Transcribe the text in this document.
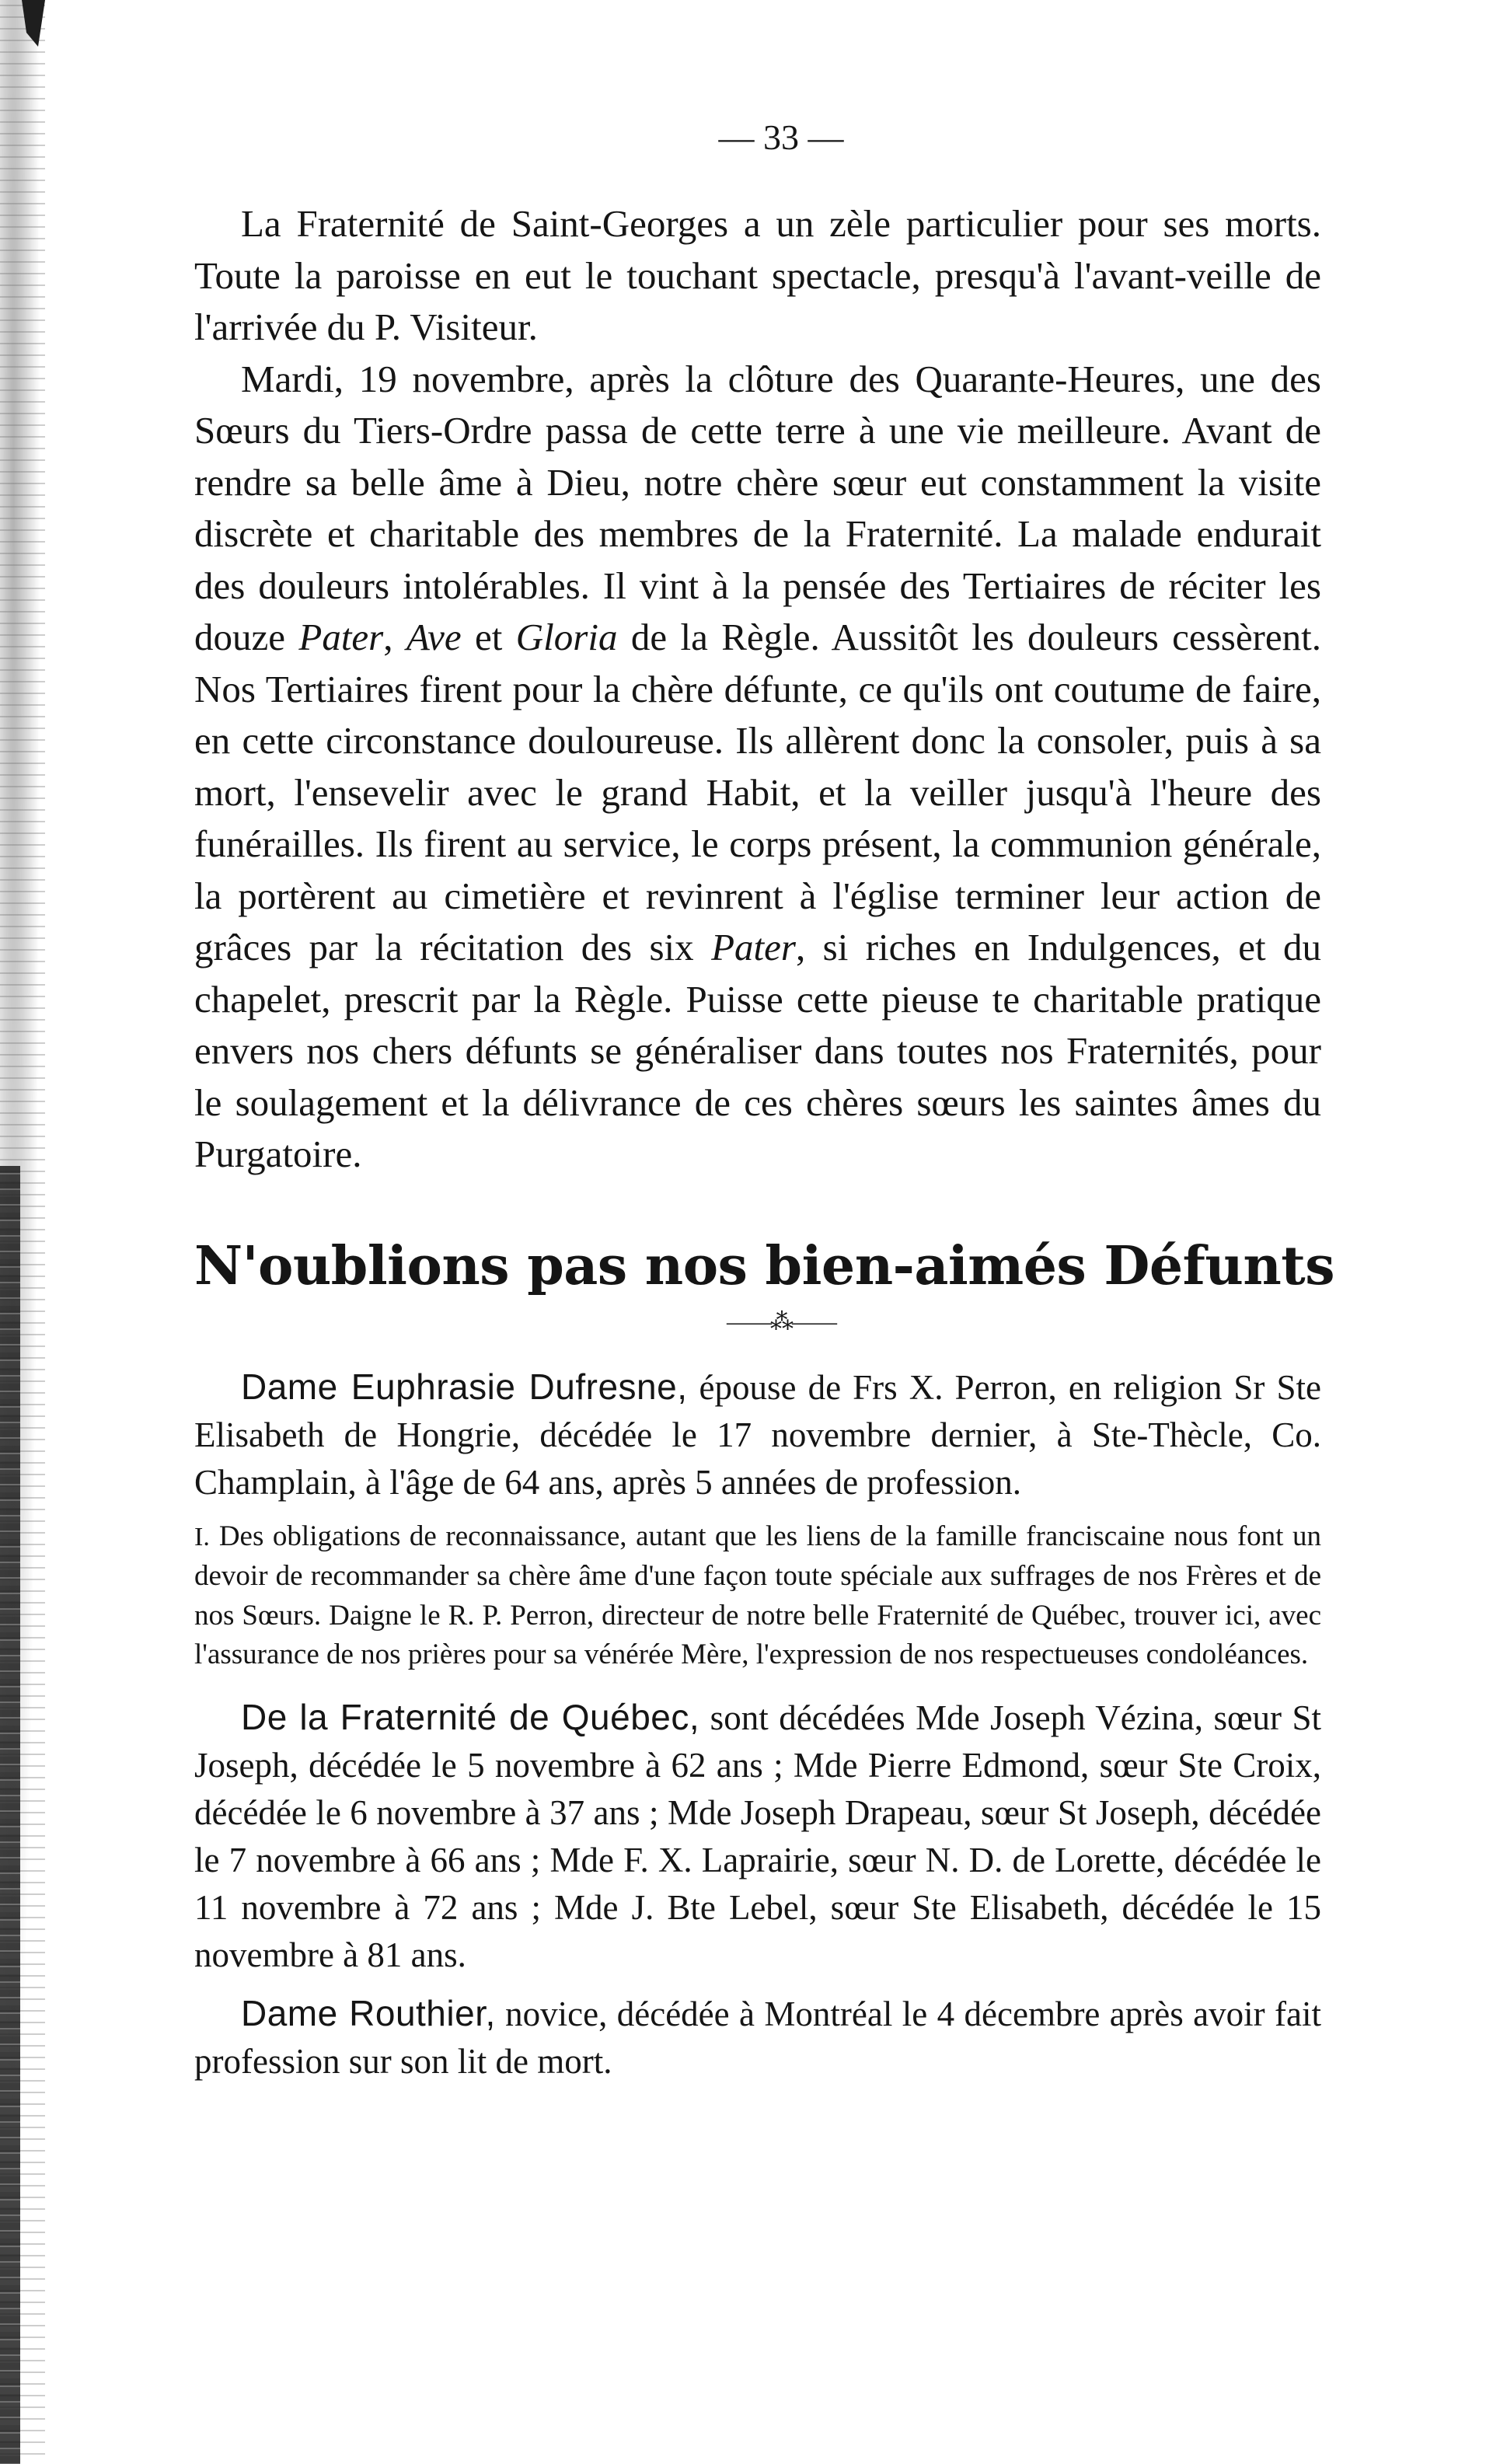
— 33 —

La Fraternité de Saint-Georges a un zèle particulier pour ses morts. Toute la paroisse en eut le touchant spectacle, presqu'à l'avant-veille de l'arrivée du P. Visiteur.

Mardi, 19 novembre, après la clôture des Quarante-Heures, une des Sœurs du Tiers-Ordre passa de cette terre à une vie meilleure. Avant de rendre sa belle âme à Dieu, notre chère sœur eut constamment la visite discrète et charitable des membres de la Fraternité. La malade endurait des douleurs intolérables. Il vint à la pensée des Tertiaires de réciter les douze Pater, Ave et Gloria de la Règle. Aussitôt les douleurs cessèrent. Nos Tertiaires firent pour la chère défunte, ce qu'ils ont coutume de faire, en cette circonstance douloureuse. Ils allèrent donc la consoler, puis à sa mort, l'ensevelir avec le grand Habit, et la veiller jusqu'à l'heure des funérailles. Ils firent au service, le corps présent, la communion générale, la portèrent au cimetière et revinrent à l'église terminer leur action de grâces par la récitation des six Pater, si riches en Indulgences, et du chapelet, prescrit par la Règle. Puisse cette pieuse te charitable pratique envers nos chers défunts se généraliser dans toutes nos Fraternités, pour le soulagement et la délivrance de ces chères sœurs les saintes âmes du Purgatoire.

N'oublions pas nos bien-aimés Défunts
——⁂——

Dame Euphrasie Dufresne, épouse de Frs X. Perron, en religion Sr Ste Elisabeth de Hongrie, décédée le 17 novembre dernier, à Ste-Thècle, Co. Champlain, à l'âge de 64 ans, après 5 années de profession.

I. Des obligations de reconnaissance, autant que les liens de la famille franciscaine nous font un devoir de recommander sa chère âme d'une façon toute spéciale aux suffrages de nos Frères et de nos Sœurs. Daigne le R. P. Perron, directeur de notre belle Fraternité de Québec, trouver ici, avec l'assurance de nos prières pour sa vénérée Mère, l'expression de nos respectueuses condoléances.

De la Fraternité de Québec, sont décédées Mde Joseph Vézina, sœur St Joseph, décédée le 5 novembre à 62 ans ; Mde Pierre Edmond, sœur Ste Croix, décédée le 6 novembre à 37 ans ; Mde Joseph Drapeau, sœur St Joseph, décédée le 7 novembre à 66 ans ; Mde F. X. Laprairie, sœur N. D. de Lorette, décédée le 11 novembre à 72 ans ; Mde J. Bte Lebel, sœur Ste Elisabeth, décédée le 15 novembre à 81 ans.

Dame Routhier, novice, décédée à Montréal le 4 décembre après avoir fait profession sur son lit de mort.
